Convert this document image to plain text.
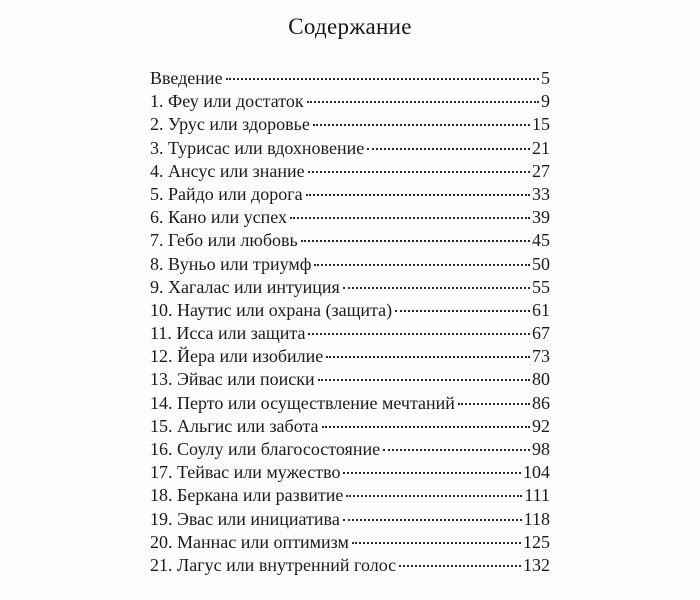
Содержание
Введение	5
1. Феу или достаток	9
2. Урус или здоровье	15
3. Турисас или вдохновение	21
4. Ансус или знание	27
5. Райдо или дорога	33
6. Кано или успех	39
7. Гебо или любовь	45
8. Вуньо или триумф	50
9. Хагалас или интуиция	55
10. Наутис или охрана (защита)	61
11. Исса или защита	67
12. Йера или изобилие	73
13. Эйвас или поиски	80
14. Перто или осуществление мечтаний	86
15. Альгис или забота	92
16. Соулу или благосостояние	98
17. Тейвас или мужество	104
18. Беркана или развитие	111
19. Эвас или инициатива	118
20. Маннас или оптимизм	125
21. Лагус или внутренний голос	132
